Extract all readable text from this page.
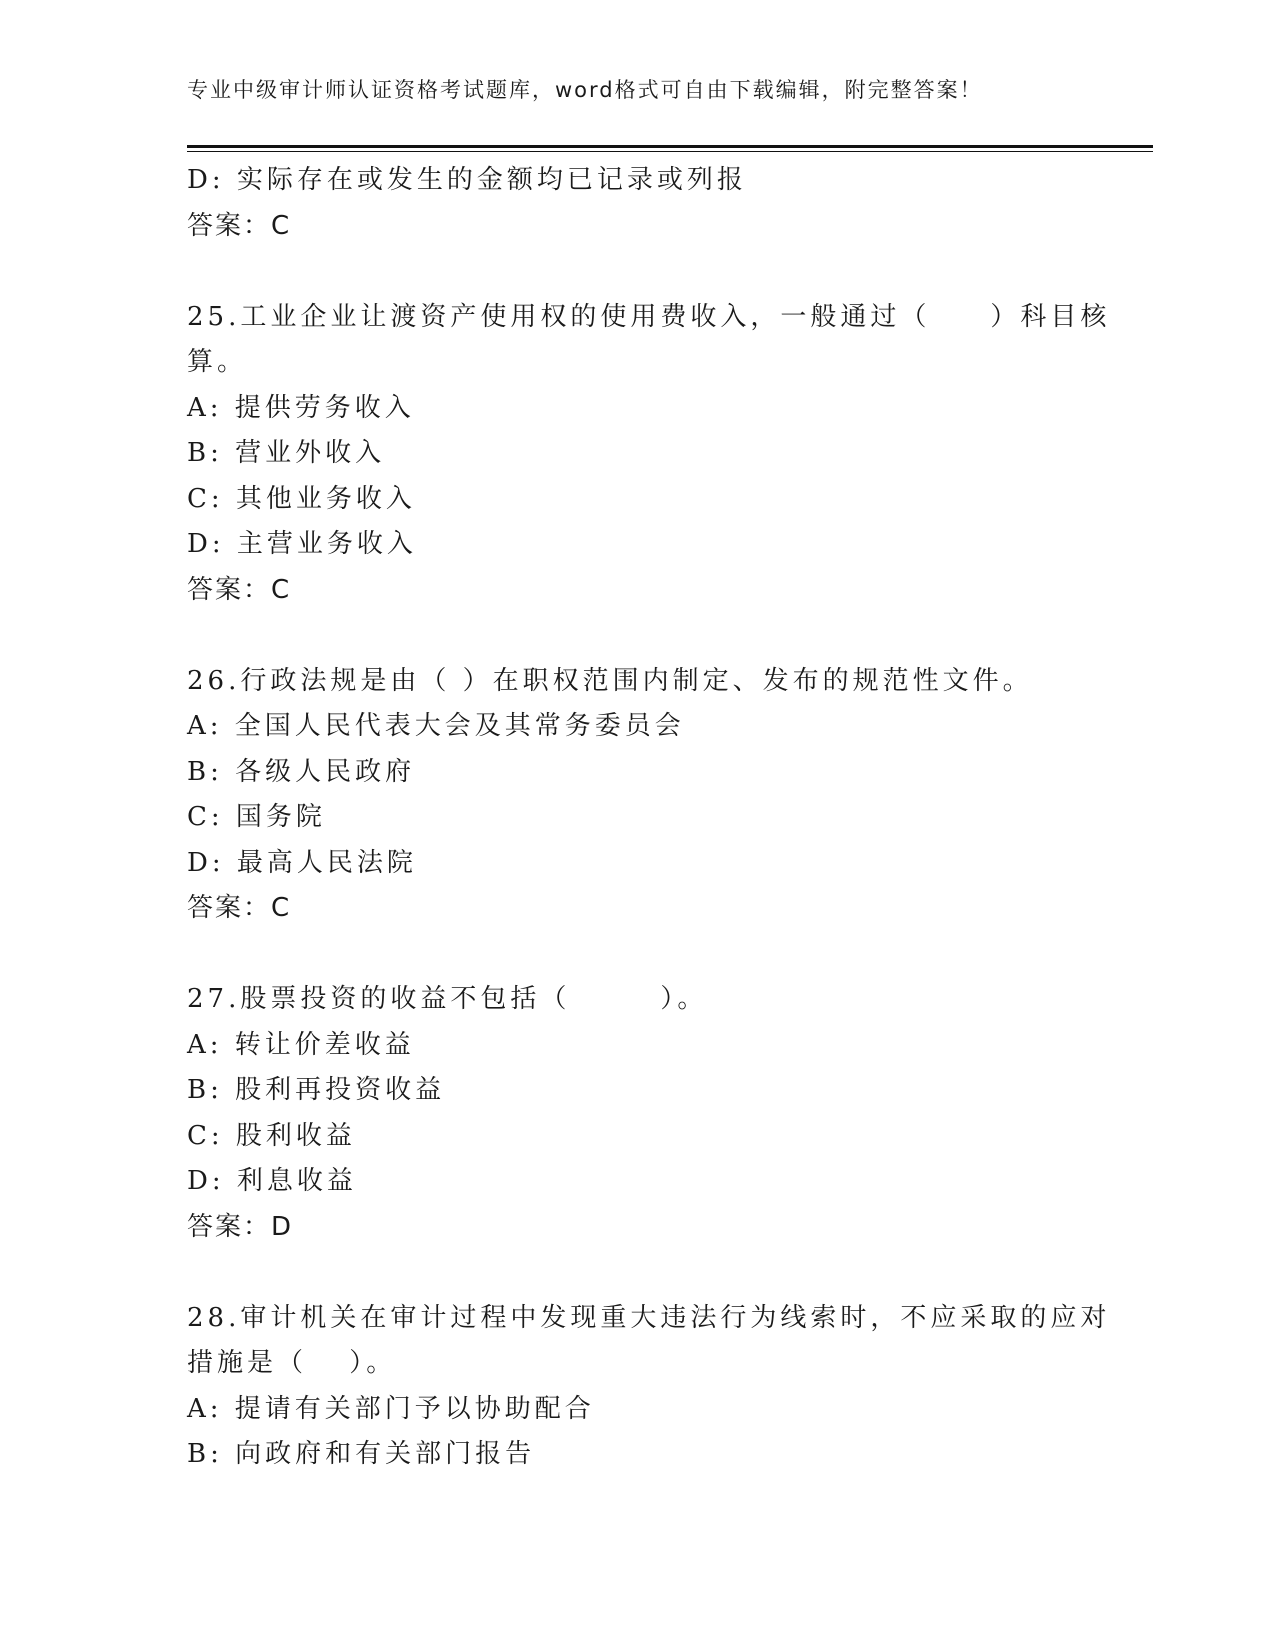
专业中级审计师认证资格考试题库，word格式可自由下载编辑，附完整答案！
D: 实际存在或发生的金额均已记录或列报
答案：C
25.工业企业让渡资产使用权的使用费收入，一般通过（　　）科目核
算。
A: 提供劳务收入
B: 营业外收入
C: 其他业务收入
D: 主营业务收入
答案：C
26.行政法规是由（ ）在职权范围内制定、发布的规范性文件。
A: 全国人民代表大会及其常务委员会
B: 各级人民政府
C: 国务院
D: 最高人民法院
答案：C
27.股票投资的收益不包括（　　　）。
A: 转让价差收益
B: 股利再投资收益
C: 股利收益
D: 利息收益
答案：D
28.审计机关在审计过程中发现重大违法行为线索时，不应采取的应对
措施是（　 ）。
A: 提请有关部门予以协助配合
B: 向政府和有关部门报告
